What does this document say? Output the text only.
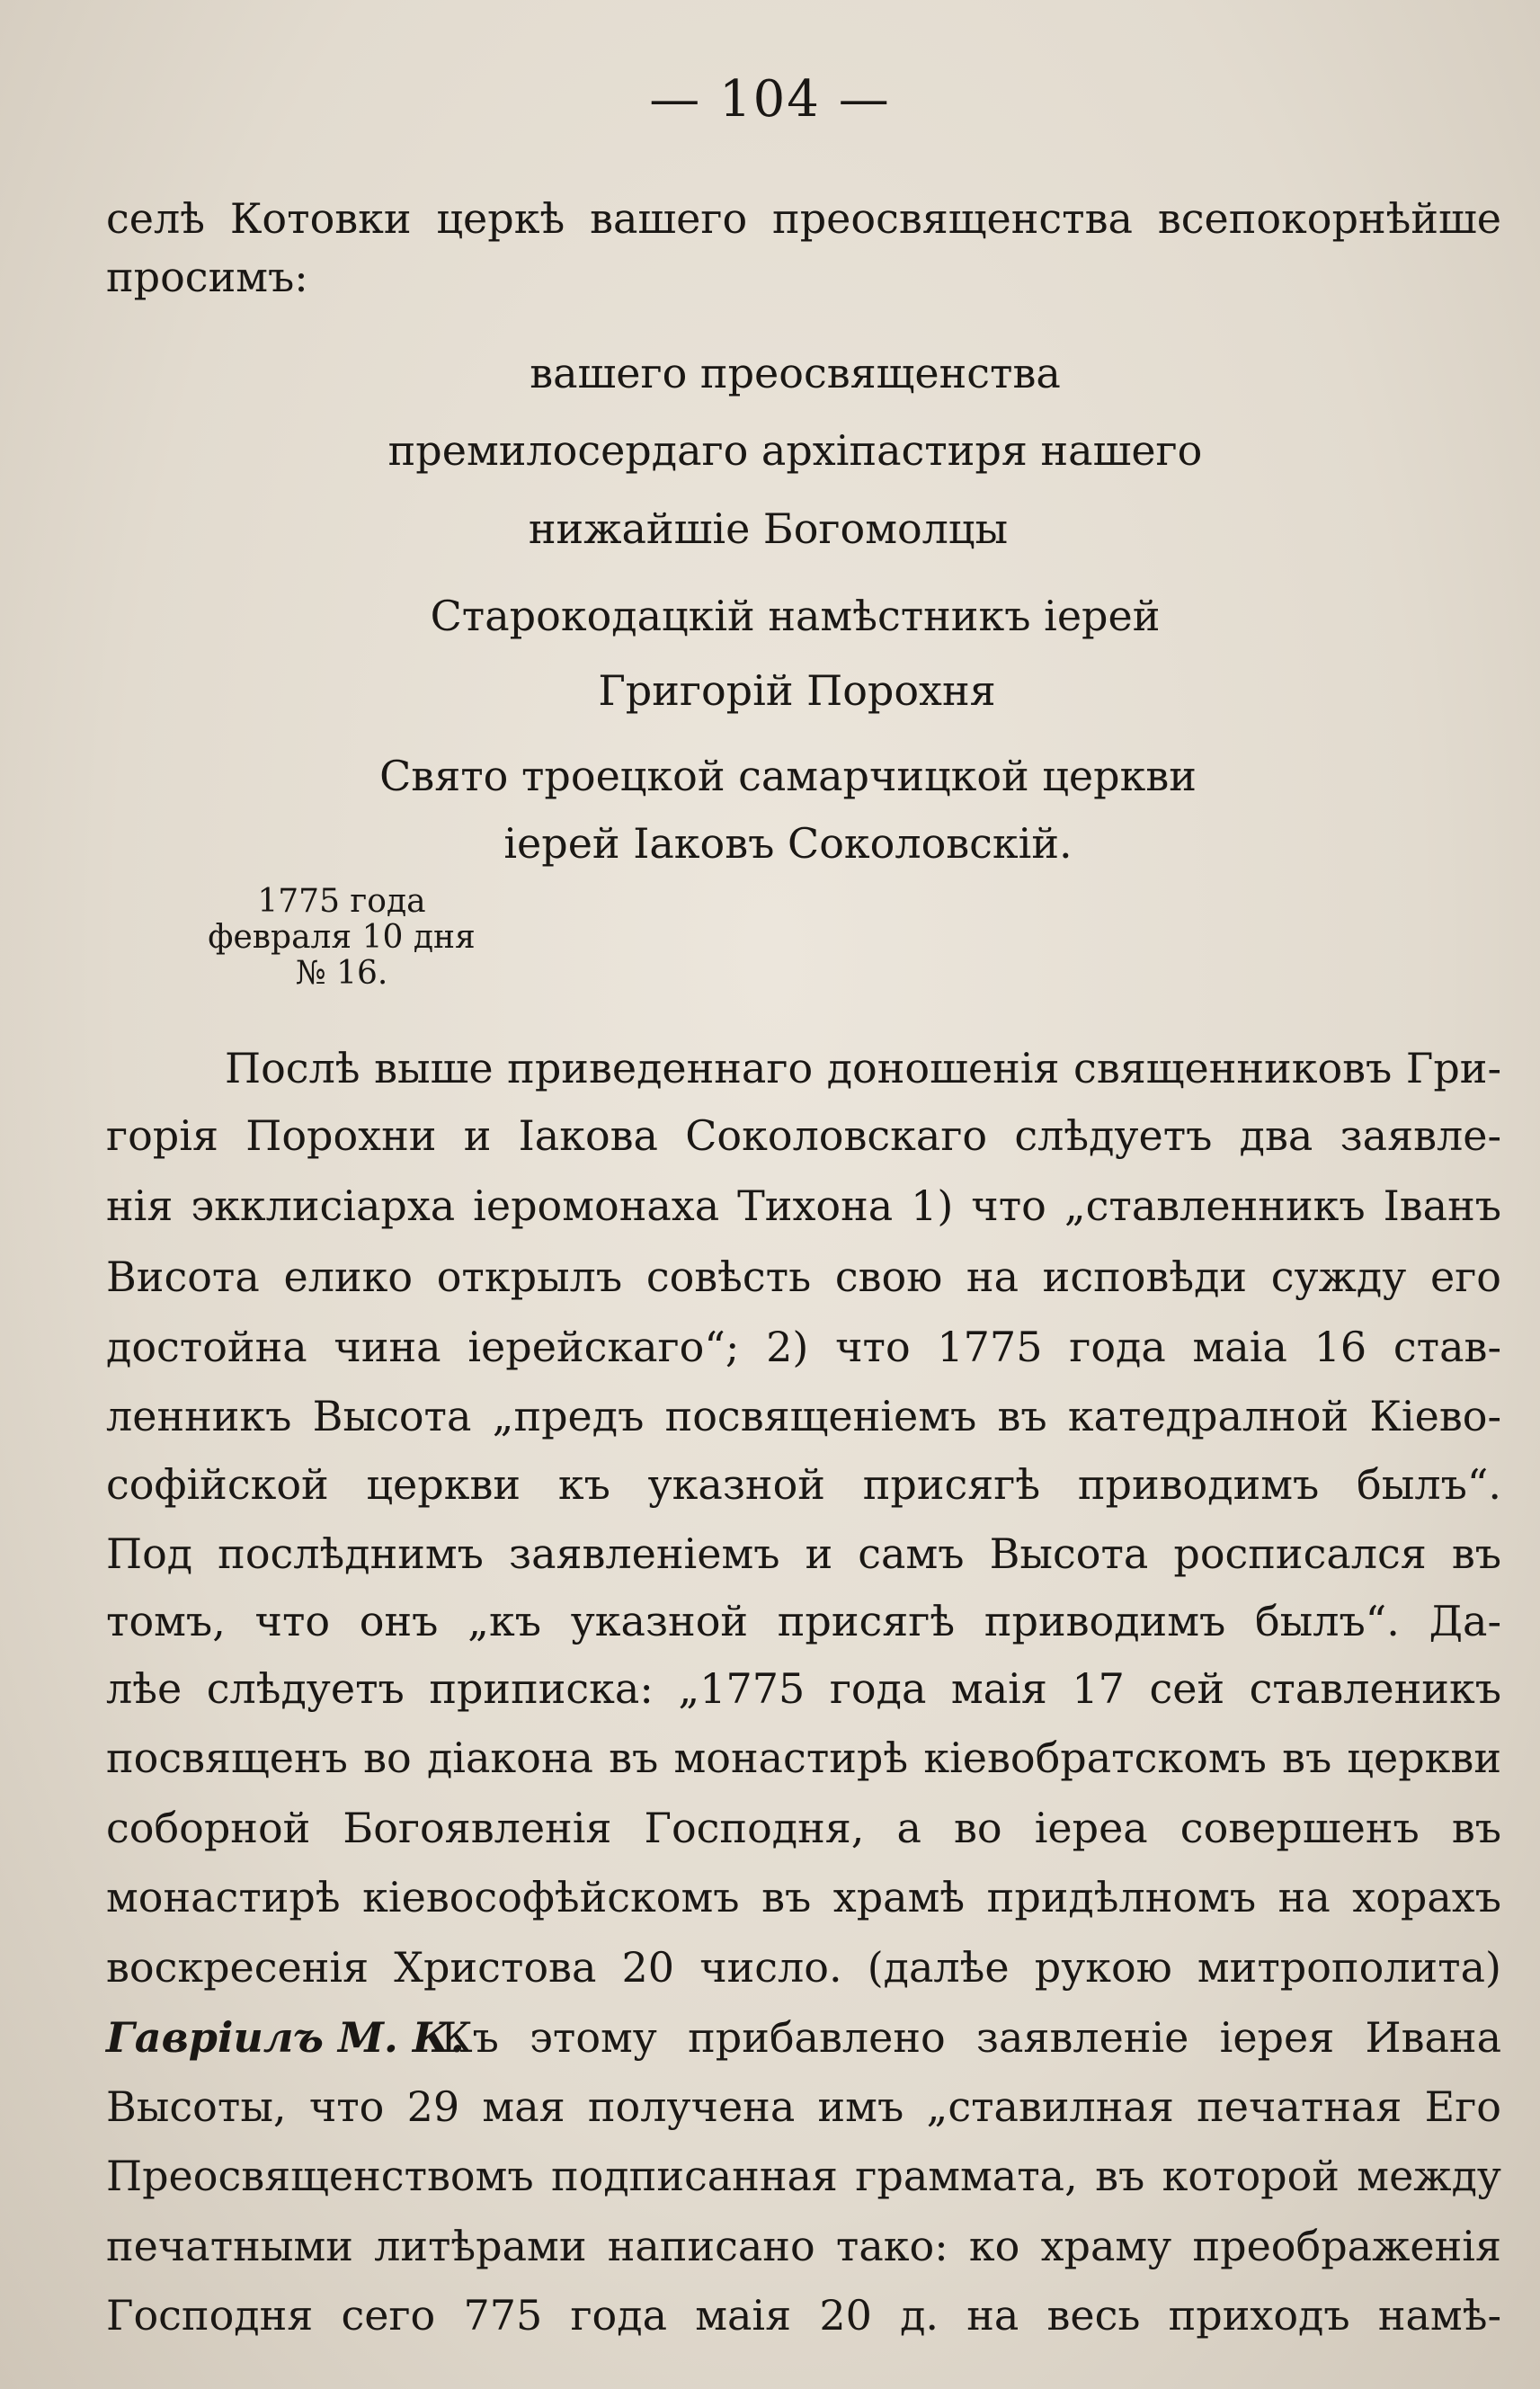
— 104 —
селѣ Котовки церкѣ вашего преосвященства всепокорнѣйше
просимъ:
вашего преосвященства
премилосердаго архіпастиря нашего
нижайшіе Богомолцы
Старокодацкій намѣстникъ іерей
Григорій Порохня
Свято троецкой самарчицкой церкви
іерей Іаковъ Соколовскій.
1775 года
февраля 10 дня
№ 16.
Послѣ выше приведеннаго доношенія священниковъ Гри-
горія Порохни и Іакова Соколовскаго слѣдуетъ два заявле-
нія экклисіарха іеромонаха Тихона 1) что „ставленникъ Іванъ
Висота елико открылъ совѣсть свою на исповѣди сужду его
достойна чина іерейскаго“; 2) что 1775 года маіа 16 став-
ленникъ Высота „предъ посвященіемъ въ катедралной Кіево-
софійской церкви къ указной присягѣ приводимъ былъ“.
Под послѣднимъ заявленіемъ и самъ Высота росписался въ
томъ, что онъ „къ указной присягѣ приводимъ былъ“. Да-
лѣе слѣдуетъ приписка: „1775 года маія 17 сей ставленикъ
посвященъ во діакона въ монастирѣ кіевобратскомъ въ церкви
соборной Богоявленія Господня, а во іереа совершенъ въ
монастирѣ кіевософѣйскомъ въ храмѣ придѣлномъ на хорахъ
воскресенія Христова 20 число. (далѣе рукою митрополита)
Гаврiилъ М. К.
Къ этому прибавлено заявленіе іерея Ивана
Высоты, что 29 мая получена имъ „ставилная печатная Его
Преосвященствомъ подписанная граммата, въ которой между
печатными литѣрами написано тако: ко храму преображенія
Господня сего 775 года маія 20 д. на весь приходъ намѣ-
